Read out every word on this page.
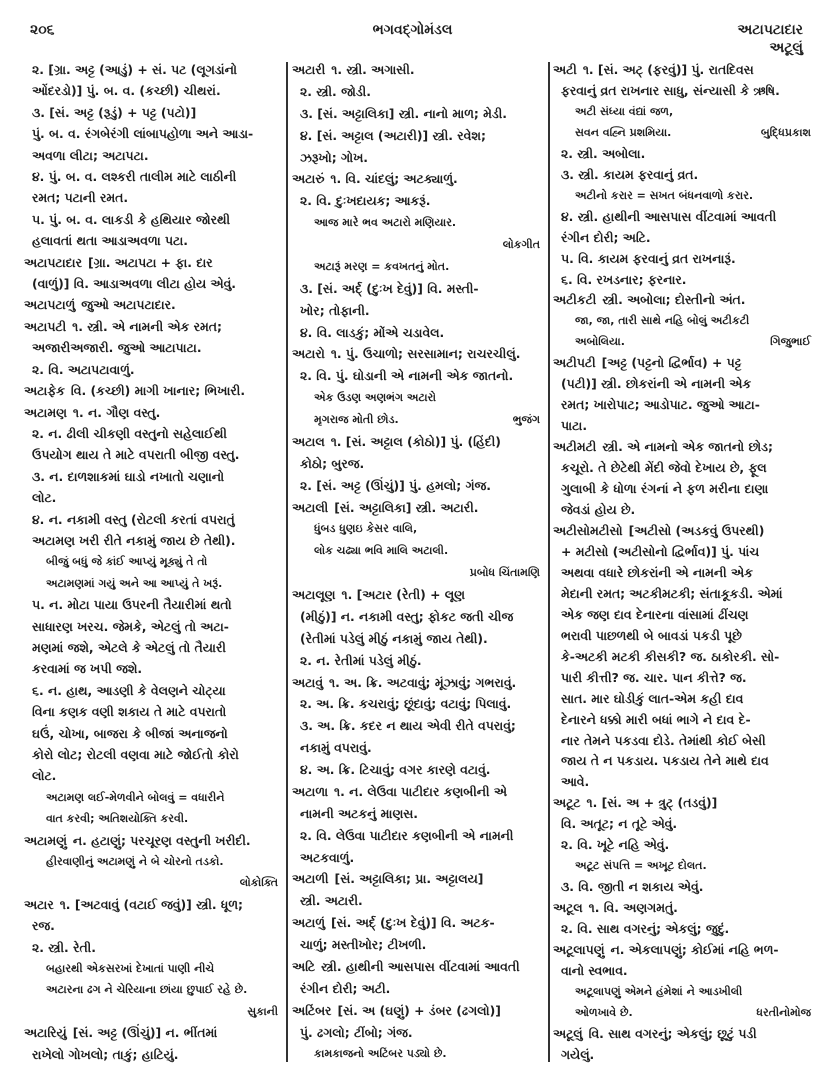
૨૦૬	ભગવદ્ગોમંડલ	અટાપટાદાર
અટૂલું
૨. [ગ્રા. અટ્ટ (આડું) + સં. પટ (લૂગડાંનો
ઓંદરડો)] પું. બ. વ. (કચ્છી) ચીથરાં.
૩. [સં. અટ્ટ (રૂડું) + પટ્ટ (પટો)]
પું. બ. વ. રંગબેરંગી લાંબાપહોળા અને આડા-
અવળા લીટા; અટાપટા.
૪. પું. બ. વ. લશ્કરી તાલીમ માટે લાઠીની
રમત; પટાની રમત.
૫. પું. બ. વ. લાકડી કે હથિયાર જોરથી
હલાવતાં થતા આડાઅવળા પટા.
અટાપટાદાર [ગ્રા. અટાપટા + ફા. દાર
(વાળું)] વિ. આડાઅવળા લીટા હોય એવું.
અટાપટાળું જુઓ અટાપટાદાર.
અટાપટી ૧. સ્ત્રી. એ નામની એક રમત;
અજારીઅજારી. જુઓ આટાપાટા.
૨. વિ. અટાપટાવાળું.
અટાફેક વિ. (કચ્છી) માગી ખાનાર; ભિખારી.
અટામણ ૧. ન. ગૌણ વસ્તુ.
૨. ન. ઢીલી ચીકણી વસ્તુનો સહેલાઈથી
ઉપયોગ થાય તે માટે વપરાતી બીજી વસ્તુ.
૩. ન. દાળશાકમાં ઘાડો નખાતો ચણાનો
લોટ.
૪. ન. નકામી વસ્તુ (રોટલી કરતાં વપરાતું
અટામણ ખરી રીતે નકામું જાય છે તેથી).
બીજું બધું જે કાંઈ આપ્યું મૂક્યું તે તો
અટામણમાં ગયું અને આ આપ્યું તે ખરૂં.
૫. ન. મોટા પાયા ઉપરની તૈયારીમાં થતો
સાધારણ ખરચ. જેમકે, એટલું તો અટા-
મણમાં જશે, એટલે કે એટલું તો તૈયારી
કરવામાં જ ખપી જશે.
૬. ન. હાથ, આડણી કે વેલણને ચોટ્યા
વિના કણક વણી શકાય તે માટે વપરાતો
ઘઉં, ચોખા, બાજરા કે બીજાં અનાજનો
કોરો લોટ; રોટલી વણવા માટે જોઈતો કોરો
લોટ.
અટામણ લઈ-મેળવીને બોલવું = વધારીને
વાત કરવી; અતિશયોક્તિ કરવી.
અટામણું ન. હટાણું; પરચૂરણ વસ્તુની ખરીદી.
હીરવાણીનું અટામણું ને બે ચોરનો તડકો.
લોકોક્તિ
અટાર ૧. [અટવાવું (વટાઈ જવું)] સ્ત્રી. ધૂળ;
રજ.
૨. સ્ત્રી. રેતી.
બહારથી એકસરખાં દેખાતાં પાણી નીચે
અટારના ઢગ ને ચેરિયાના છાંયા છુપાઈ રહે છે.
સુકાની
અટારિયું [સં. અટ્ટ (ઊંચું)] ન. ભીંતમાં
રાખેલો ગોખલો; તાકું; હાટિયું.
અટારી ૧. સ્ત્રી. અગાસી.
૨. સ્ત્રી. જોડી.
૩. [સં. અટ્ટાલિકા] સ્ત્રી. નાનો માળ; મેડી.
૪. [સં. અટ્ટાલ (અટારી)] સ્ત્રી. રવેશ;
ઝરૂખો; ગોખ.
અટારું ૧. વિ. ચાંદલું; અટક્યાળું.
૨. વિ. દુઃખદાયક; આકરૂં.
આજ મારે ભવ અટારો મણિયાર.
લોકગીત
અટારૂં મરણ = કવખતનું મોત.
૩. [સં. અર્દ્ (દુઃખ દેવું)] વિ. મસ્તી-
ખોર; તોફાની.
૪. વિ. લાડકું; મોંએ ચડાવેલ.
અટારો ૧. પું. ઉચાળો; સરસામાન; રાચરચીલું.
૨. વિ. પું. ઘોડાની એ નામની એક જાતનો.
એક ઉડણ અણભંગ અટારો
ભુજંગ
મૃગરાજ મોતી છોડ.
અટાલ ૧. [સં. અટ્ટાલ (કોઠો)] પું. (હિંદી)
કોઠો; બુરજ.
૨. [સં. અટ્ટ (ઊંચું)] પું. હમલો; ગંજ.
અટાલી [સં. અટ્ટાલિકા] સ્ત્રી. અટારી.
ધુંબડ ધુણઇ કેસર વાલિ,
લોક ચઢ્યા ભવિ માલિ અટાલી.
પ્રબોધ ચિંતામણિ
અટાલૂણ ૧. [અટાર (રેતી) + લૂણ
(મીઠું)] ન. નકામી વસ્તુ; ફોકટ જતી ચીજ
(રેતીમાં પડેલું મીઠું નકામું જાય તેથી).
૨. ન. રેતીમાં પડેલું મીઠું.
અટાવું ૧. અ. ક્રિ. અટવાવું; મૂંઝાવું; ગભરાવું.
૨. અ. ક્રિ. કચરાવું; છૂંદાવું; વટાવું; પિલાવું.
૩. અ. ક્રિ. કદર ન થાય એવી રીતે વપરાવું;
નકામું વપરાવું.
૪. અ. ક્રિ. ટિચાવું; વગર કારણે વટાવું.
અટાળા ૧. ન. લેઉવા પાટીદાર કણબીની એ
નામની અટકનું માણસ.
૨. વિ. લેઉવા પાટીદાર કણબીની એ નામની
અટકવાળું.
અટાળી [સં. અટ્ટાલિકા; પ્રા. અટ્ટાલય]
સ્ત્રી. અટારી.
અટાળું [સં. અર્દ્ (દુઃખ દેવું)] વિ. અટક-
ચાળું; મસ્તીખોર; ટીખળી.
અટિ સ્ત્રી. હાથીની આસપાસ વીંટવામાં આવતી
રંગીન દોરી; અટી.
અટિંબર [સં. અ (ઘણું) + ડંબર (ઢગલો)]
પું. ઢગલો; ટીંબો; ગંજ.
કામકાજનો અટિંબર પડ્યો છે.
અટી ૧. [સં. અટ્ (ફરવું)] પું. રાતદિવસ
ફરવાનું વ્રત રાખનાર સાધુ, સંન્યાસી કે ઋષિ.
અટી સંધ્યા વંદ્યાં જળ,
બુદ્ધિપ્રકાશ
સવન વહ્નિ પ્રશમિયા.
૨. સ્ત્રી. અબોલા.
૩. સ્ત્રી. કાયમ ફરવાનું વ્રત.
અટીનો કરાર = સખત બંધનવાળો કરાર.
૪. સ્ત્રી. હાથીની આસપાસ વીંટવામાં આવતી
રંગીન દોરી; અટિ.
૫. વિ. કાયમ ફરવાનું વ્રત રાખનારૂં.
૬. વિ. રખડનાર; ફરનાર.
અટીકટી સ્ત્રી. અબોલા; દોસ્તીનો અંત.
જા, જા, તારી સાથે નહિ બોલું અટીકટી
ગિજુભાઈ
અબોલિયા.
અટીપટી [અટ્ટ (પટ્ટનો દ્વિર્ભાવ) + પટ્ટ
(પટી)] સ્ત્રી. છોકરાંની એ નામની એક
રમત; ખારોપાટ; આડોપાટ. જુઓ આટા-
પાટા.
અટીમટી સ્ત્રી. એ નામનો એક જાતનો છોડ;
કચૂરો. તે છેટેથી મેંદી જેવો દેખાય છે, ફૂલ
ગુલાબી કે ધોળા રંગનાં ને ફળ મરીના દાણા
જેવડાં હોય છે.
અટીસોમટીસો [અટીસો (અડકવું ઉપરથી)
+ મટીસો (અટીસોનો દ્વિર્ભાવ)] પું. પાંચ
અથવા વધારે છોકરાંની એ નામની એક
મેદાની રમત; અટકીમટકી; સંતાકૂકડી. એમાં
એક જણ દાવ દેનારના વાંસામાં ઢીંચણ
ભરાવી પાછળથી બે બાવડાં પકડી પૂછે
કે-અટકી મટકી કીસકી? જ. ઠાકોરકી. સો-
પારી કીત્તી? જ. ચાર. પાન કીત્તે? જ.
સાત. માર ઘોડીકું લાત-એમ કહી દાવ
દેનારને ધક્કો મારી બધાં ભાગે ને દાવ દે-
નાર તેમને પકડવા દોડે. તેમાંથી કોઈ બેસી
જાય તે ન પકડાય. પકડાય તેને માથે દાવ
આવે.
અટૂટ ૧. [સં. અ + ત્રુટ્ (તડવું)]
વિ. અતૂટ; ન તૂટે એવું.
૨. વિ. ખૂટે નહિ એવું.
અટૂટ સંપત્તિ = અખૂટ દોલત.
૩. વિ. જીતી ન શકાય એવું.
અટૂલ ૧. વિ. અણગમતું.
૨. વિ. સાથ વગરનું; એકલું; જુદું.
અટૂલાપણું ન. એકલાપણું; કોઈમાં નહિ ભળ-
વાનો સ્વભાવ.
અટૂલાપણું એમને હંમેશાં ને આડખીલી
ધરતીનોમોજ
ઓળખાવે છે.
અટૂલું વિ. સાથ વગરનું; એકલું; છૂટું પડી
ગયેલું.
